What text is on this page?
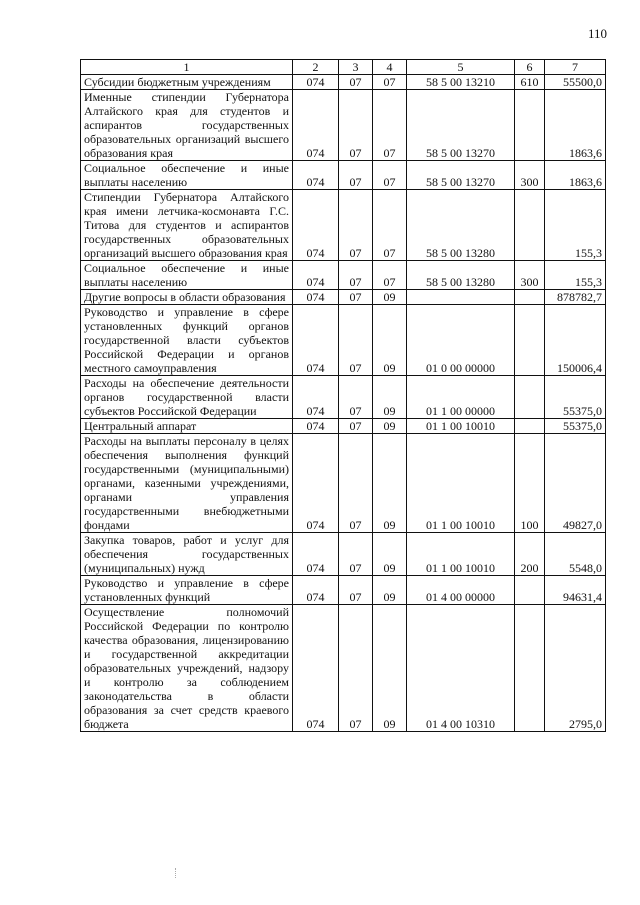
110
1	2	3	4	5	6	7
Субсидии бюджетным учреждениям	074	07	07	58 5 00 13210	610	55500,0
Именные стипендии Губернатора Алтайского края для студентов и аспирантов государственных образовательных организаций высшего образования края	074	07	07	58 5 00 13270		1863,6
Социальное обеспечение и иные выплаты населению	074	07	07	58 5 00 13270	300	1863,6
Стипендии Губернатора Алтайского края имени летчика-космонавта Г.С. Титова для студентов и аспирантов государственных образовательных организаций высшего образования края	074	07	07	58 5 00 13280		155,3
Социальное обеспечение и иные выплаты населению	074	07	07	58 5 00 13280	300	155,3
Другие вопросы в области образования	074	07	09			878782,7
Руководство и управление в сфере установленных функций органов государственной власти субъектов Российской Федерации и органов местного самоуправления	074	07	09	01 0 00 00000		150006,4
Расходы на обеспечение деятельности органов государственной власти субъектов Российской Федерации	074	07	09	01 1 00 00000		55375,0
Центральный аппарат	074	07	09	01 1 00 10010		55375,0
Расходы на выплаты персоналу в целях обеспечения выполнения функций государственными (муниципальными) органами, казенными учреждениями, органами управления государственными внебюджетными фондами	074	07	09	01 1 00 10010	100	49827,0
Закупка товаров, работ и услуг для обеспечения государственных (муниципальных) нужд	074	07	09	01 1 00 10010	200	5548,0
Руководство и управление в сфере установленных функций	074	07	09	01 4 00 00000		94631,4
Осуществление полномочий Российской Федерации по контролю качества образования, лицензированию и государственной аккредитации образовательных учреждений, надзору и контролю за соблюдением законодательства в области образования за счет средств краевого бюджета	074	07	09	01 4 00 10310		2795,0
